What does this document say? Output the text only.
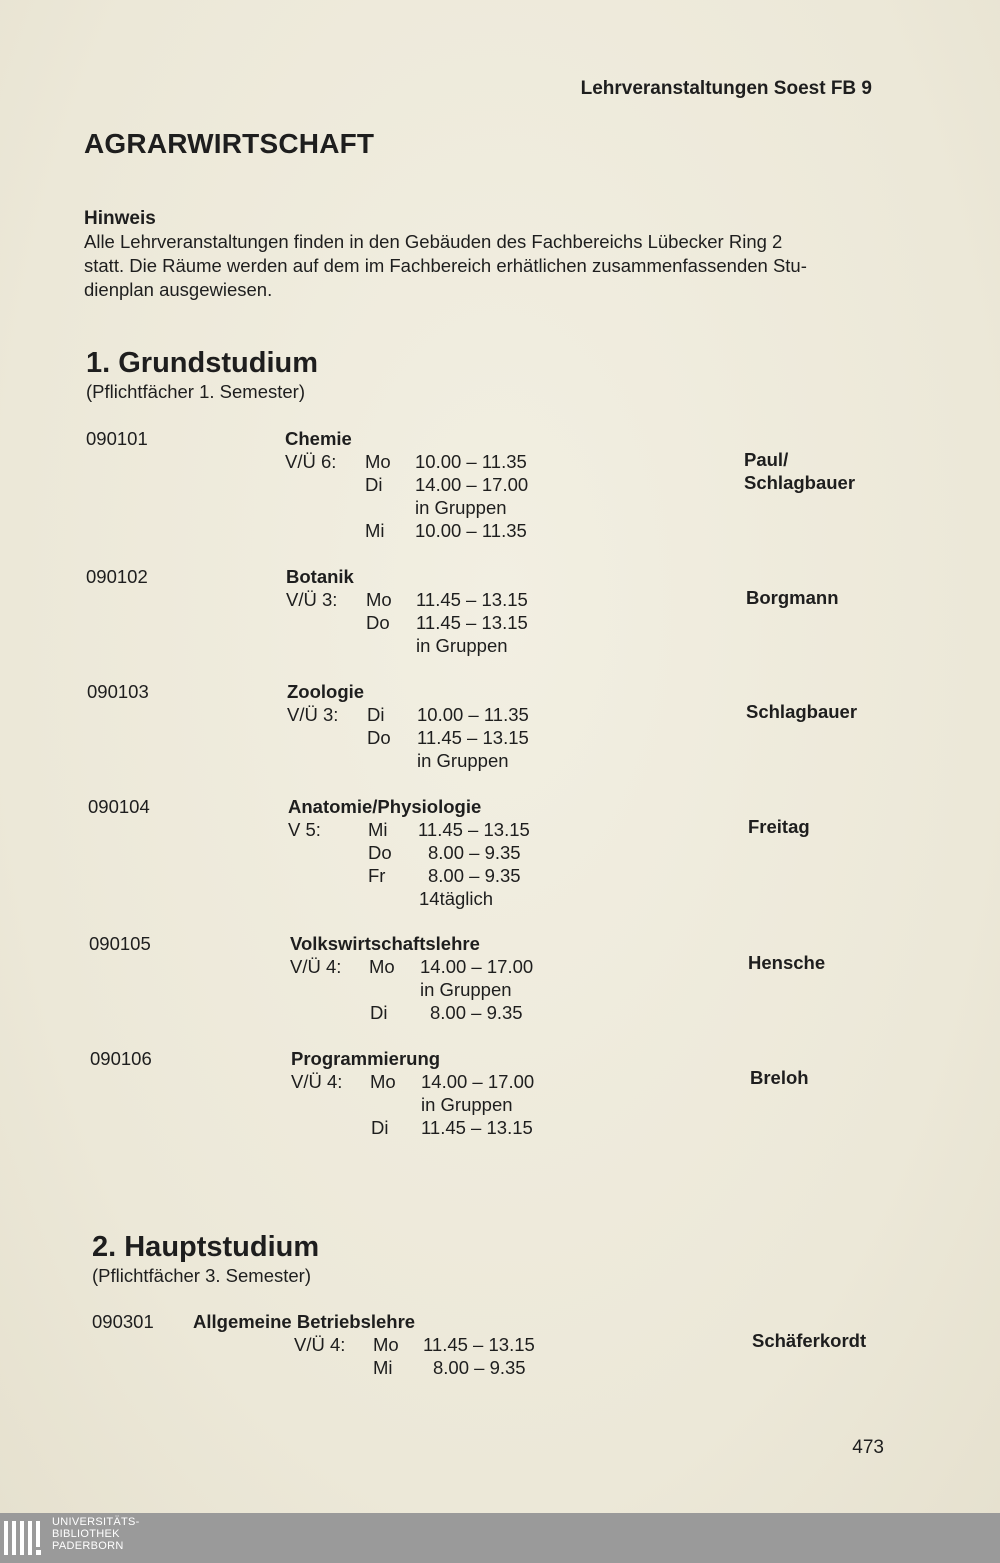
Lehrveranstaltungen Soest FB 9
AGRARWIRTSCHAFT
Hinweis
Alle Lehrveranstaltungen finden in den Gebäuden des Fachbereichs Lübecker Ring 2
statt. Die Räume werden auf dem im Fachbereich erhätlichen zusammenfassenden Stu-
dienplan ausgewiesen.
1. Grundstudium
(Pflichtfächer 1. Semester)
090101	Chemie
V/Ü 6: Mo 10.00 – 11.35
Di 14.00 – 17.00
in Gruppen
Mi 10.00 – 11.35
Paul/
Schlagbauer
090102	Botanik
V/Ü 3: Mo 11.45 – 13.15
Do 11.45 – 13.15
in Gruppen
Borgmann
090103	Zoologie
V/Ü 3: Di 10.00 – 11.35
Do 11.45 – 13.15
in Gruppen
Schlagbauer
090104	Anatomie/Physiologie
V 5:	Mi 11.45 – 13.15
Do 8.00 – 9.35
Fr 8.00 – 9.35
14täglich
Freitag
090105	Volkswirtschaftslehre
V/Ü 4: Mo 14.00 – 17.00
in Gruppen
Di 8.00 – 9.35
Hensche
090106	Programmierung
V/Ü 4: Mo 14.00 – 17.00
in Gruppen
Di 11.45 – 13.15
Breloh
2. Hauptstudium
(Pflichtfächer 3. Semester)
090301 Allgemeine Betriebslehre
V/Ü 4: Mo 11.45 – 13.15
Mi 8.00 – 9.35
Schäferkordt
473
UNIVERSITÄTS-
BIBLIOTHEK
PADERBORN
